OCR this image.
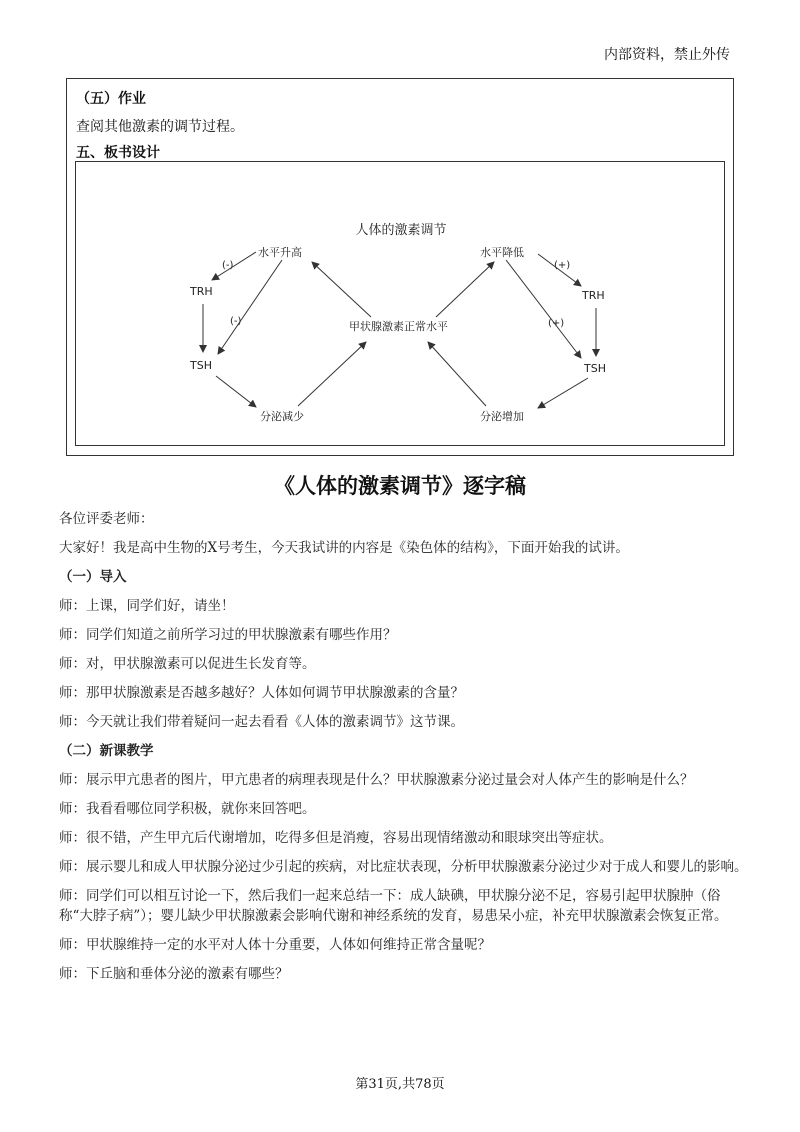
内部资料，禁止外传
（五）作业
查阅其他激素的调节过程。
五、板书设计
人体的激素调节
水平升高
TRH
TSH
分泌减少
甲状腺激素正常水平
水平降低
TRH
TSH
分泌增加
(-)
(-)
(+)
(+)
《人体的激素调节》逐字稿
各位评委老师：
大家好！我是高中生物的X号考生，今天我试讲的内容是《染色体的结构》，下面开始我的试讲。
（一）导入
师：上课，同学们好，请坐！
师：同学们知道之前所学习过的甲状腺激素有哪些作用？
师：对，甲状腺激素可以促进生长发育等。
师：那甲状腺激素是否越多越好？人体如何调节甲状腺激素的含量？
师：今天就让我们带着疑问一起去看看《人体的激素调节》这节课。
（二）新课教学
师：展示甲亢患者的图片，甲亢患者的病理表现是什么？甲状腺激素分泌过量会对人体产生的影响是什么？
师：我看看哪位同学积极，就你来回答吧。
师：很不错，产生甲亢后代谢增加，吃得多但是消瘦，容易出现情绪激动和眼球突出等症状。
师：展示婴儿和成人甲状腺分泌过少引起的疾病，对比症状表现，分析甲状腺激素分泌过少对于成人和婴儿的影响。
师：同学们可以相互讨论一下，然后我们一起来总结一下：成人缺碘，甲状腺分泌不足，容易引起甲状腺肿（俗称“大脖子病”）；婴儿缺少甲状腺激素会影响代谢和神经系统的发育，易患呆小症，补充甲状腺激素会恢复正常。
师：甲状腺维持一定的水平对人体十分重要，人体如何维持正常含量呢？
师：下丘脑和垂体分泌的激素有哪些？
第31页,共78页
